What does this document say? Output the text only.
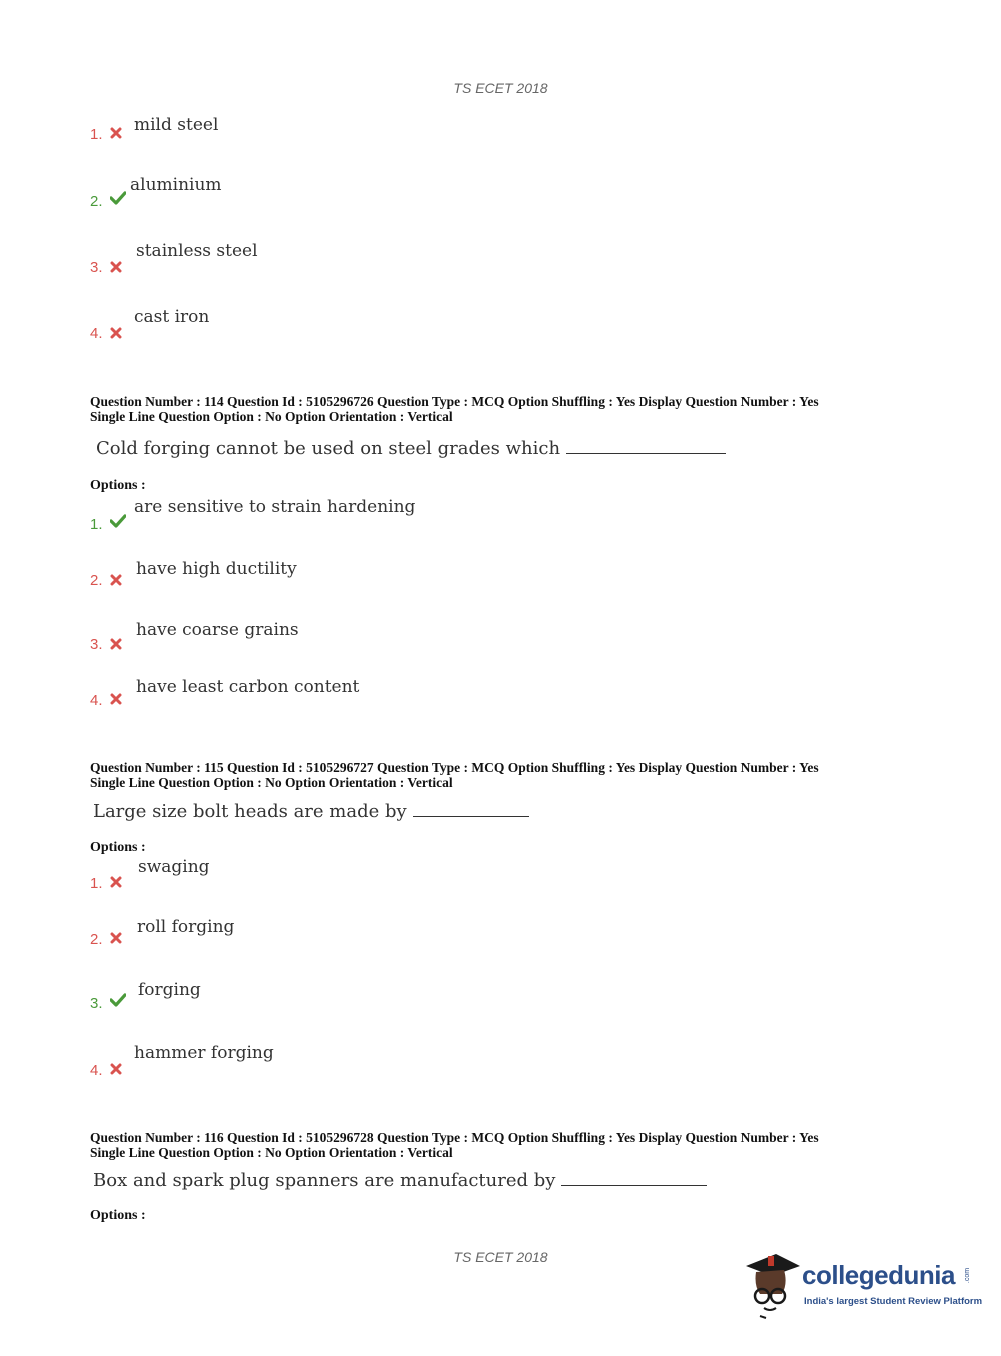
TS ECET 2018
1. mild steel
2.
aluminium
3.
stainless steel
4.
cast iron
Question Number : 114 Question Id : 5105296726 Question Type : MCQ Option Shuffling : Yes Display Question Number : Yes
Single Line Question Option : No Option Orientation : Vertical
Cold forging cannot be used on steel grades which
Options :
1.
are sensitive to strain hardening
2.
have high ductility
3.
have coarse grains
4.
have least carbon content
Question Number : 115 Question Id : 5105296727 Question Type : MCQ Option Shuffling : Yes Display Question Number : Yes
Single Line Question Option : No Option Orientation : Vertical
Large size bolt heads are made by
Options :
1.
swaging
2.
roll forging
3.
forging
4.
hammer forging
Question Number : 116 Question Id : 5105296728 Question Type : MCQ Option Shuffling : Yes Display Question Number : Yes
Single Line Question Option : No Option Orientation : Vertical
Box and spark plug spanners are manufactured by
Options :
TS ECET 2018
collegedunia .com
India's largest Student Review Platform
